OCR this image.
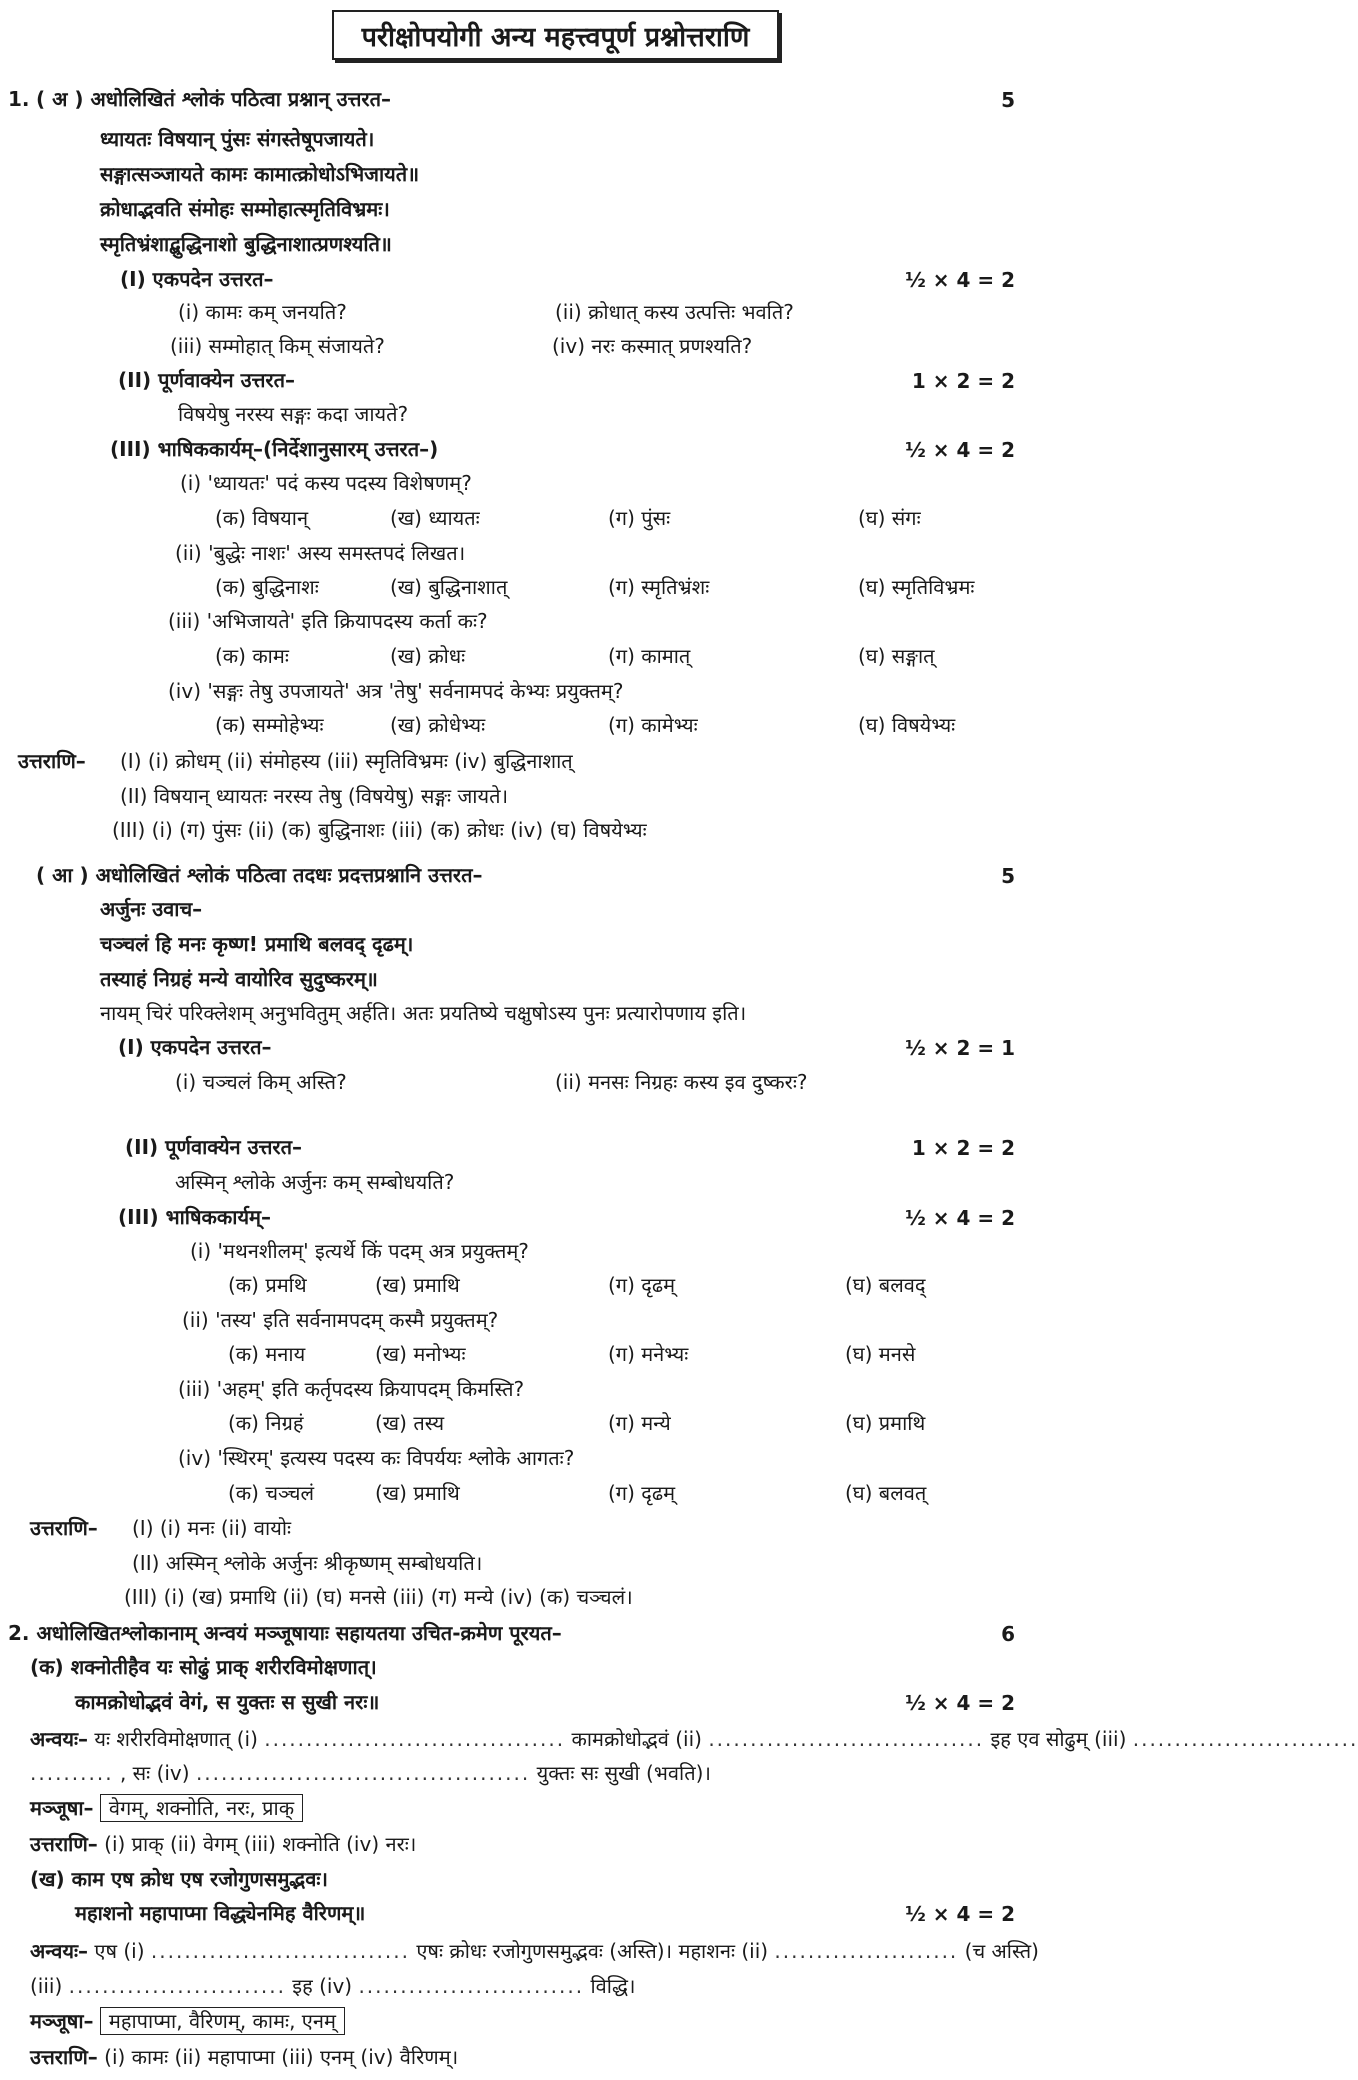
परीक्षोपयोगी अन्य महत्त्वपूर्ण प्रश्नोत्तराणि
1. ( अ ) अधोलिखितं श्लोकं पठित्वा प्रश्नान् उत्तरत–	5
ध्यायतः विषयान् पुंसः संगस्तेषूपजायते।
सङ्गात्सञ्जायते कामः कामात्क्रोधोऽभिजायते॥
क्रोधाद्भवति संमोहः सम्मोहात्स्मृतिविभ्रमः।
स्मृतिभ्रंशाद्बुद्धिनाशो बुद्धिनाशात्प्रणश्यति॥
(I) एकपदेन उत्तरत–	½ × 4 = 2
(i) कामः कम् जनयति?	(ii) क्रोधात् कस्य उत्पत्तिः भवति?
(iii) सम्मोहात् किम् संजायते?	(iv) नरः कस्मात् प्रणश्यति?
(II) पूर्णवाक्येन उत्तरत–	1 × 2 = 2
विषयेषु नरस्य सङ्गः कदा जायते?
(III) भाषिककार्यम्–(निर्देशानुसारम् उत्तरत–)	½ × 4 = 2
(i) 'ध्यायतः' पदं कस्य पदस्य विशेषणम्?
(क) विषयान्	(ख) ध्यायतः	(ग) पुंसः	(घ) संगः
(ii) 'बुद्धेः नाशः' अस्य समस्तपदं लिखत।
(क) बुद्धिनाशः	(ख) बुद्धिनाशात्	(ग) स्मृतिभ्रंशः	(घ) स्मृतिविभ्रमः
(iii) 'अभिजायते' इति क्रियापदस्य कर्ता कः?
(क) कामः	(ख) क्रोधः	(ग) कामात्	(घ) सङ्गात्
(iv) 'सङ्गः तेषु उपजायते' अत्र 'तेषु' सर्वनामपदं केभ्यः प्रयुक्तम्?
(क) सम्मोहेभ्यः	(ख) क्रोधेभ्यः	(ग) कामेभ्यः	(घ) विषयेभ्यः
उत्तराणि– (I) (i) क्रोधम् (ii) संमोहस्य (iii) स्मृतिविभ्रमः (iv) बुद्धिनाशात्
(II) विषयान् ध्यायतः नरस्य तेषु (विषयेषु) सङ्गः जायते।
(III) (i) (ग) पुंसः (ii) (क) बुद्धिनाशः (iii) (क) क्रोधः (iv) (घ) विषयेभ्यः
( आ ) अधोलिखितं श्लोकं पठित्वा तदधः प्रदत्तप्रश्नानि उत्तरत–	5
अर्जुनः उवाच–
चञ्चलं हि मनः कृष्ण! प्रमाथि बलवद् दृढम्।
तस्याहं निग्रहं मन्ये वायोरिव सुदुष्करम्॥
नायम् चिरं परिक्लेशम् अनुभवितुम् अर्हति। अतः प्रयतिष्ये चक्षुषोऽस्य पुनः प्रत्यारोपणाय इति।
(I) एकपदेन उत्तरत–	½ × 2 = 1
(i) चञ्चलं किम् अस्ति?	(ii) मनसः निग्रहः कस्य इव दुष्करः?
(II) पूर्णवाक्येन उत्तरत–	1 × 2 = 2
अस्मिन् श्लोके अर्जुनः कम् सम्बोधयति?
(III) भाषिककार्यम्–	½ × 4 = 2
(i) 'मथनशीलम्' इत्यर्थे किं पदम् अत्र प्रयुक्तम्?
(क) प्रमथि	(ख) प्रमाथि	(ग) दृढम्	(घ) बलवद्
(ii) 'तस्य' इति सर्वनामपदम् कस्मै प्रयुक्तम्?
(क) मनाय	(ख) मनोभ्यः	(ग) मनेभ्यः	(घ) मनसे
(iii) 'अहम्' इति कर्तृपदस्य क्रियापदम् किमस्ति?
(क) निग्रहं	(ख) तस्य	(ग) मन्ये	(घ) प्रमाथि
(iv) 'स्थिरम्' इत्यस्य पदस्य कः विपर्ययः श्लोके आगतः?
(क) चञ्चलं	(ख) प्रमाथि	(ग) दृढम्	(घ) बलवत्
उत्तराणि– (I) (i) मनः (ii) वायोः
(II) अस्मिन् श्लोके अर्जुनः श्रीकृष्णम् सम्बोधयति।
(III) (i) (ख) प्रमाथि (ii) (घ) मनसे (iii) (ग) मन्ये (iv) (क) चञ्चलं।
2. अधोलिखितश्लोकानाम् अन्वयं मञ्जूषायाः सहायतया उचित-क्रमेण पूरयत–	6
(क) शक्नोतीहैव यः सोढुं प्राक् शरीरविमोक्षणात्।
कामक्रोधोद्भवं वेगं, स युक्तः स सुखी नरः॥	½ × 4 = 2
अन्वयः– यः शरीरविमोक्षणात् (i) .................................... कामक्रोधोद्भवं (ii) ................................. इह एव सोढुम् (iii) ...........................
.......... , सः (iv) ........................................ युक्तः सः सुखी (भवति)।
मञ्जूषा– वेगम्, शक्नोति, नरः, प्राक्
उत्तराणि– (i) प्राक् (ii) वेगम् (iii) शक्नोति (iv) नरः।
(ख) काम एष क्रोध एष रजोगुणसमुद्भवः।
महाशनो महापाप्मा विद्ध्येनमिह वैरिणम्॥	½ × 4 = 2
अन्वयः– एष (i) ............................... एषः क्रोधः रजोगुणसमुद्भवः (अस्ति)। महाशनः (ii) ...................... (च अस्ति)
(iii) .......................... इह (iv) ........................... विद्धि।
मञ्जूषा– महापाप्मा, वैरिणम्, कामः, एनम्
उत्तराणि– (i) कामः (ii) महापाप्मा (iii) एनम् (iv) वैरिणम्।
